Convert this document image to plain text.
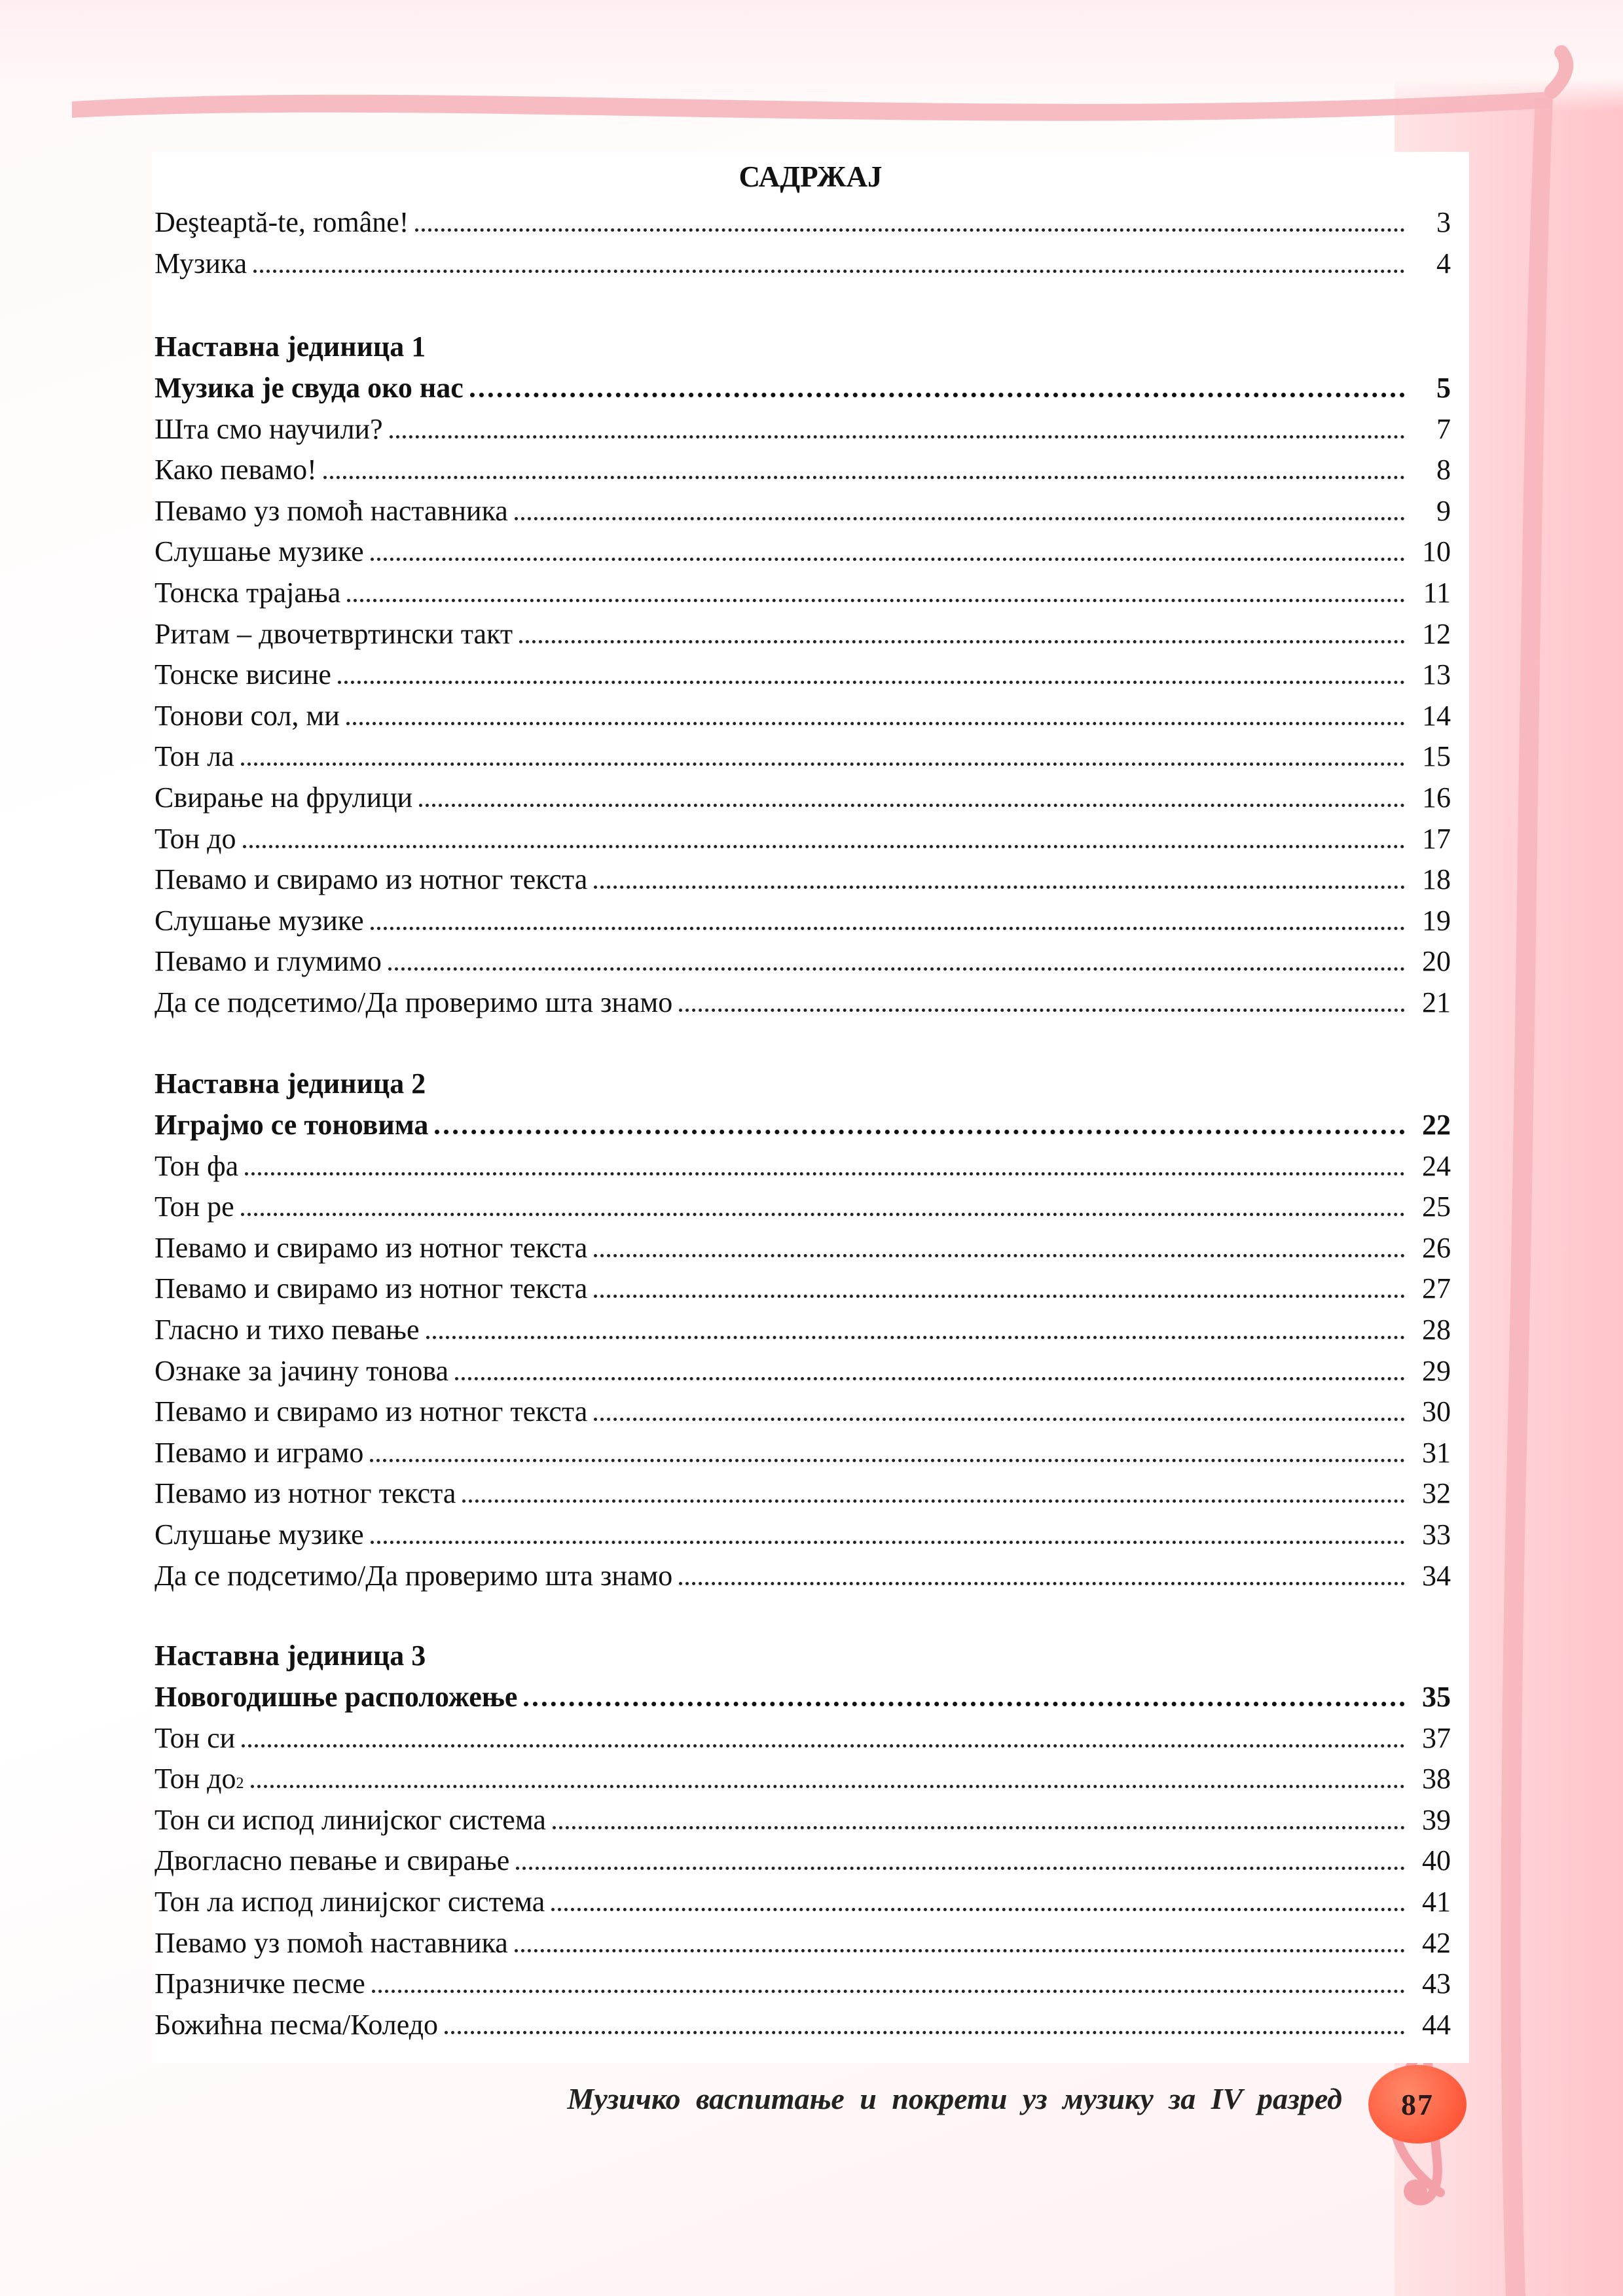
САДРЖАЈ
Deşteaptă-te, române!	3
Музика	4
Наставна јединица 1
Музика је свуда око нас	5
Шта смо научили?	7
Како певамо!	8
Певамо уз помоћ наставника	9
Слушање музике	10
Тонска трајања	11
Ритам – двочетвртински такт	12
Тонске висине	13
Тонови сол, ми	14
Тон ла	15
Свирање на фрулици	16
Тон до	17
Певамо и свирамо из нотног текста	18
Слушање музике	19
Певамо и глумимо	20
Да се подсетимо/Да проверимо шта знамо	21
Наставна јединица 2
Играјмо се тоновима	22
Тон фа	24
Тон ре	25
Певамо и свирамо из нотног текста	26
Певамо и свирамо из нотног текста	27
Гласно и тихо певање	28
Ознаке за јачину тонова	29
Певамо и свирамо из нотног текста	30
Певамо и играмо	31
Певамо из нотног текста	32
Слушање музике	33
Да се подсетимо/Да проверимо шта знамо	34
Наставна јединица 3
Новогодишње расположење	35
Тон си	37
Тон до 2	38
Тон си испод линијског система	39
Двогласно певање и свирање	40
Тон ла испод линијског система	41
Певамо уз помоћ наставника	42
Празничке песме	43
Божићна песма/Коледо	44
Музичко васпитање и покрети уз музику за IV разред 87
